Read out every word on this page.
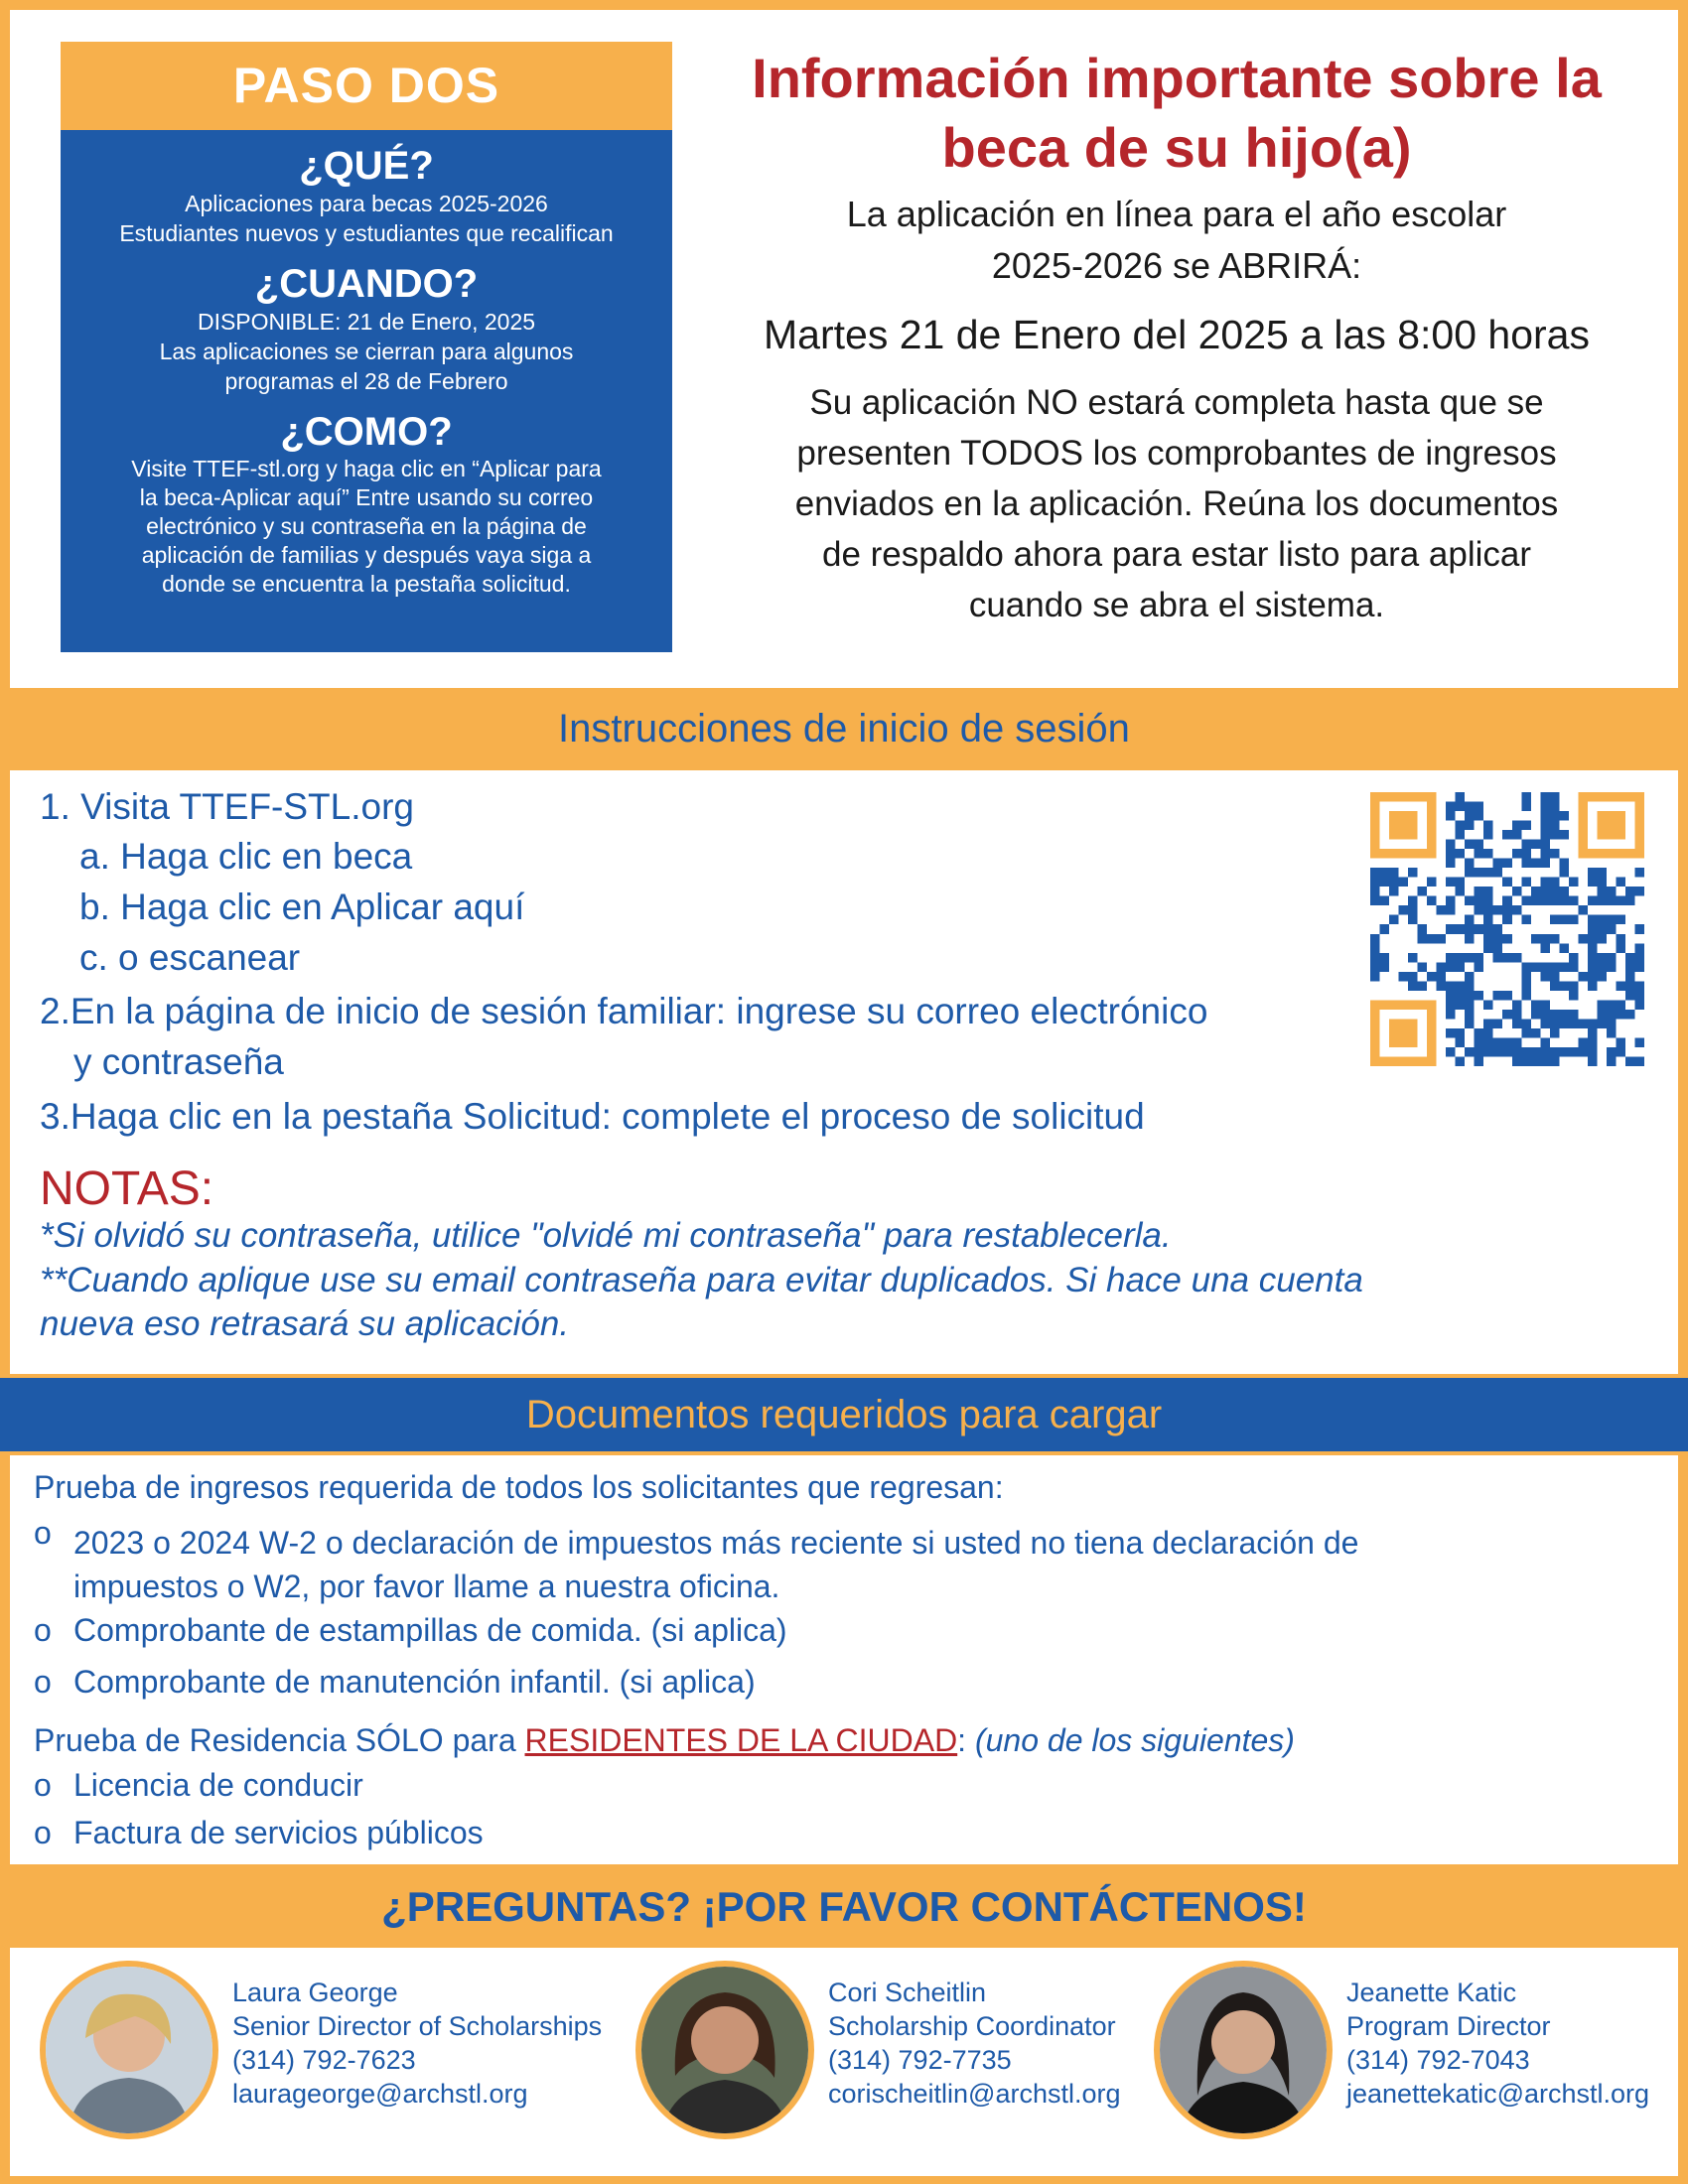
PASO DOS

¿QUÉ?

Aplicaciones para becas 2025-2026
Estudiantes nuevos y estudiantes que recalifican

¿CUANDO?

DISPONIBLE: 21 de Enero, 2025
Las aplicaciones se cierran para algunos
programas el 28 de Febrero

¿COMO?

Visite TTEF-stl.org y haga clic en “Aplicar para
la beca-Aplicar aquí” Entre usando su correo
electrónico y su contraseña en la página de
aplicación de familias y después vaya siga a
donde se encuentra la pestaña solicitud.

Información importante sobre la
beca de su hijo(a)

La aplicación en línea para el año escolar
2025-2026 se ABRIRÁ:

Martes 21 de Enero del 2025 a las 8:00 horas

Su aplicación NO estará completa hasta que se
presenten TODOS los comprobantes de ingresos
enviados en la aplicación. Reúna los documentos
de respaldo ahora para estar listo para aplicar
cuando se abra el sistema.

Instrucciones de inicio de sesión
1. Visita TTEF-STL.org
a. Haga clic en beca
b. Haga clic en Aplicar aquí
c. o escanear
2.En la página de inicio de sesión familiar: ingrese su correo electrónico
y contraseña
3.Haga clic en la pestaña Solicitud: complete el proceso de solicitud
NOTAS:
*Si olvidó su contraseña, utilice "olvidé mi contraseña" para restablecerla.
**Cuando aplique use su email contraseña para evitar duplicados. Si hace una cuenta
nueva eso retrasará su aplicación.
Documentos requeridos para cargar
Prueba de ingresos requerida de todos los solicitantes que regresan:
o 2023 o 2024 W-2 o declaración de impuestos más reciente si usted no tiena declaración de
impuestos o W2, por favor llame a nuestra oficina.
o Comprobante de estampillas de comida. (si aplica)
o Comprobante de manutención infantil. (si aplica)
Prueba de Residencia SÓLO para RESIDENTES DE LA CIUDAD: (uno de los siguientes)
o Licencia de conducir
o Factura de servicios públicos
¿PREGUNTAS? ¡POR FAVOR CONTÁCTENOS!
Laura George
Senior Director of Scholarships
(314) 792-7623
laurageorge@archstl.org
Cori Scheitlin
Scholarship Coordinator
(314) 792-7735
corischeitlin@archstl.org
Jeanette Katic
Program Director
(314) 792-7043
jeanettekatic@archstl.org
